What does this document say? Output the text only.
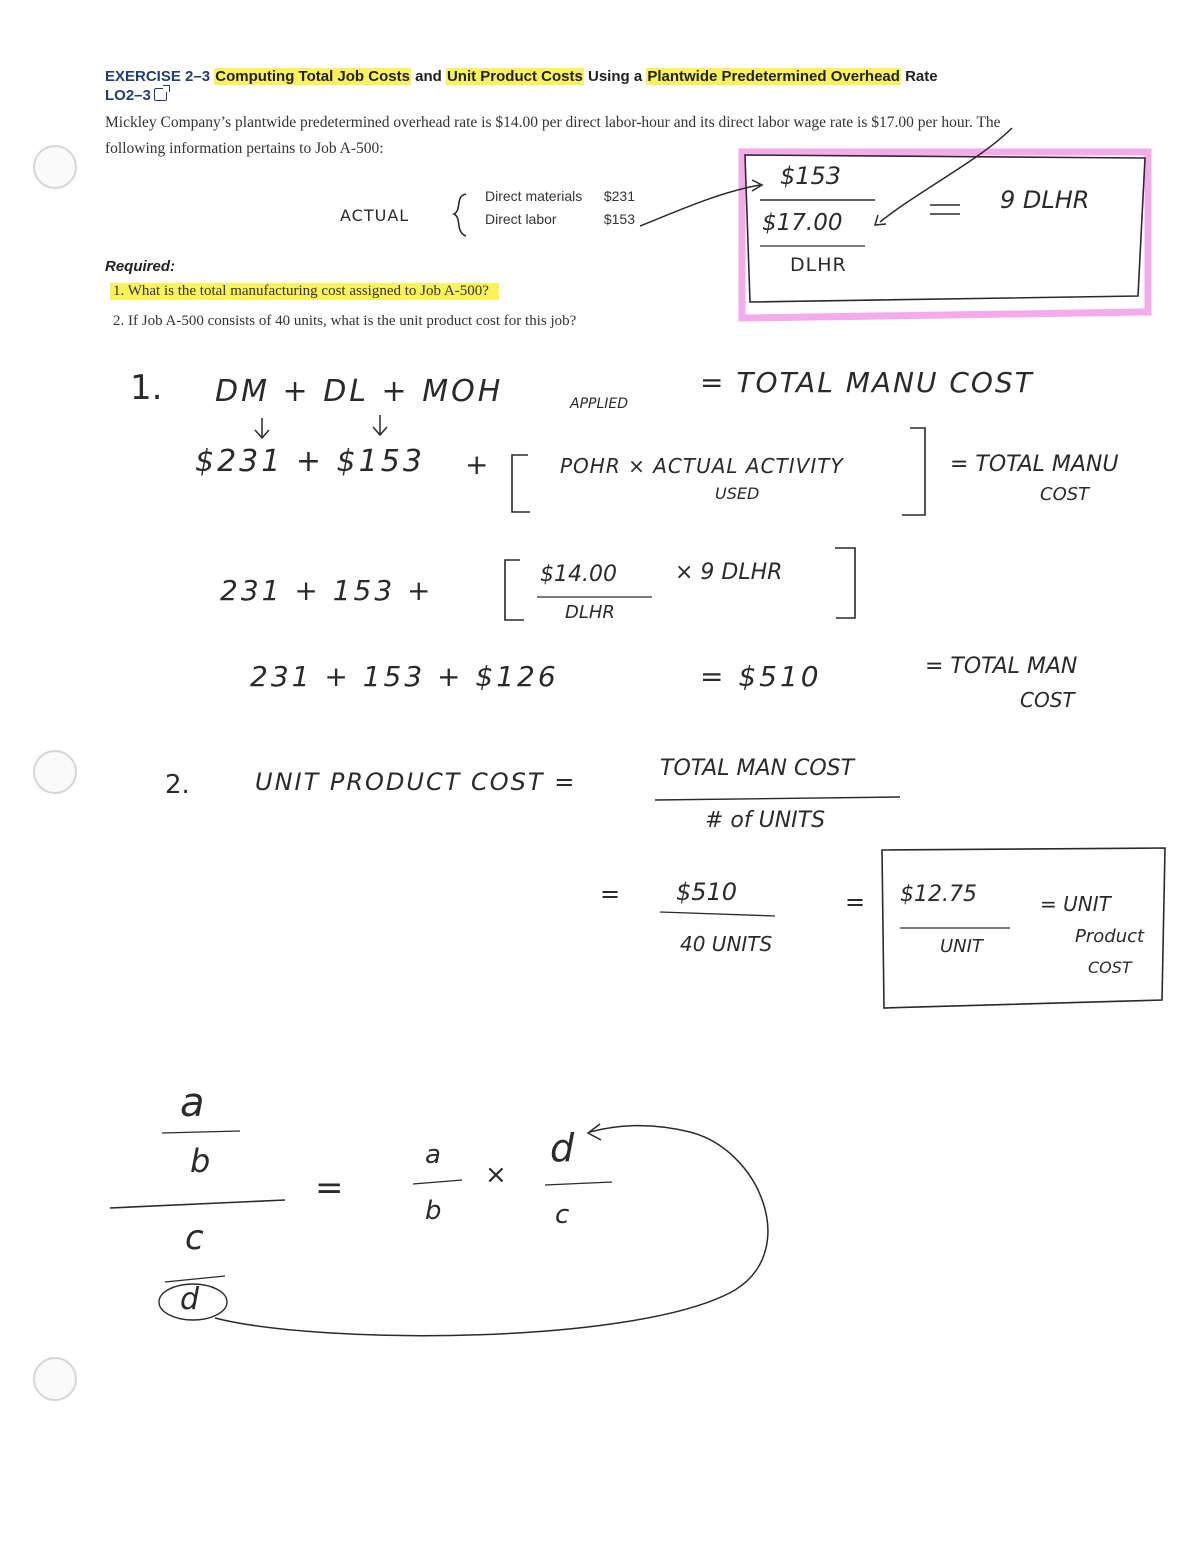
EXERCISE 2–3 Computing Total Job Costs and Unit Product Costs Using a Plantwide Predetermined Overhead Rate
LO2–3
Mickley Company’s plantwide predetermined overhead rate is $14.00 per direct labor-hour and its direct labor wage rate is $17.00 per hour. The following information pertains to Job A-500:
Direct materials $231
Direct labor	$153
Required:
1. What is the total manufacturing cost assigned to Job A-500?
2. If Job A-500 consists of 40 units, what is the unit product cost for this job?
ACTUAL
$153
$17.00
DLHR
9 DLHR
1. DM + DL + MOH	APPLIED
= TOTAL MANU COST
$231 + $153 +	POHR × ACTUAL ACTIVITY
USED
= TOTAL MANU
COST
231 + 153 +	$14.00
DLHR
× 9 DLHR
231 + 153 + $126	= $510	= TOTAL MAN
COST
2.	UNIT PRODUCT COST =	TOTAL MAN COST
# of UNITS
= $510
40 UNITS
= $12.75
UNIT
= UNIT
Product
COST
a
b
c
d
=
a
b
×
d
c
